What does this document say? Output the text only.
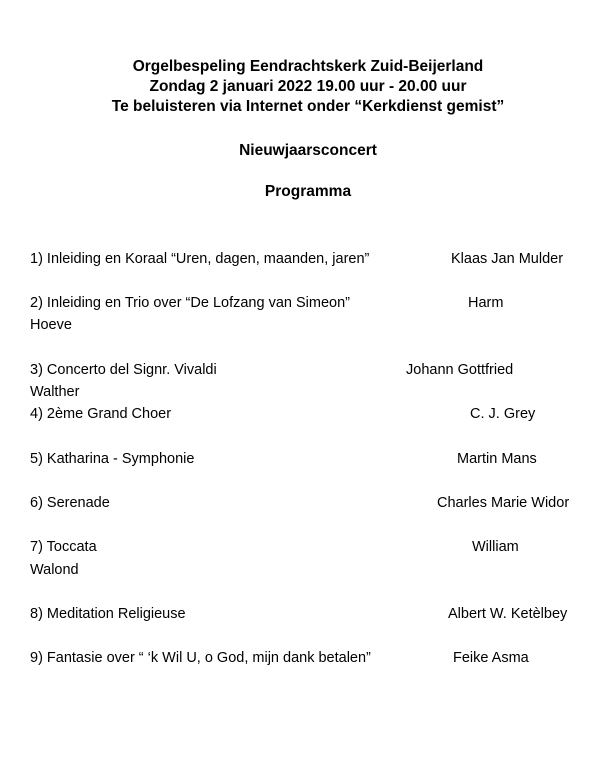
Orgelbespeling Eendrachtskerk Zuid-Beijerland
Zondag 2 januari 2022 19.00 uur - 20.00 uur
Te beluisteren via Internet onder “Kerkdienst gemist”
Nieuwjaarsconcert
Programma
1) Inleiding en Koraal “Uren, dagen, maanden, jaren”	Klaas Jan Mulder
2) Inleiding en Trio over “De Lofzang van Simeon”	Harm
Hoeve
3) Concerto del Signr. Vivaldi	Johann Gottfried
Walther
4) 2ème Grand Choer	C. J. Grey
5) Katharina - Symphonie	Martin Mans
6) Serenade	Charles Marie Widor
7) Toccata	William
Walond
8) Meditation Religieuse	Albert W. Ketèlbey
9) Fantasie over “ ‘k Wil U, o God, mijn dank betalen”	Feike Asma
